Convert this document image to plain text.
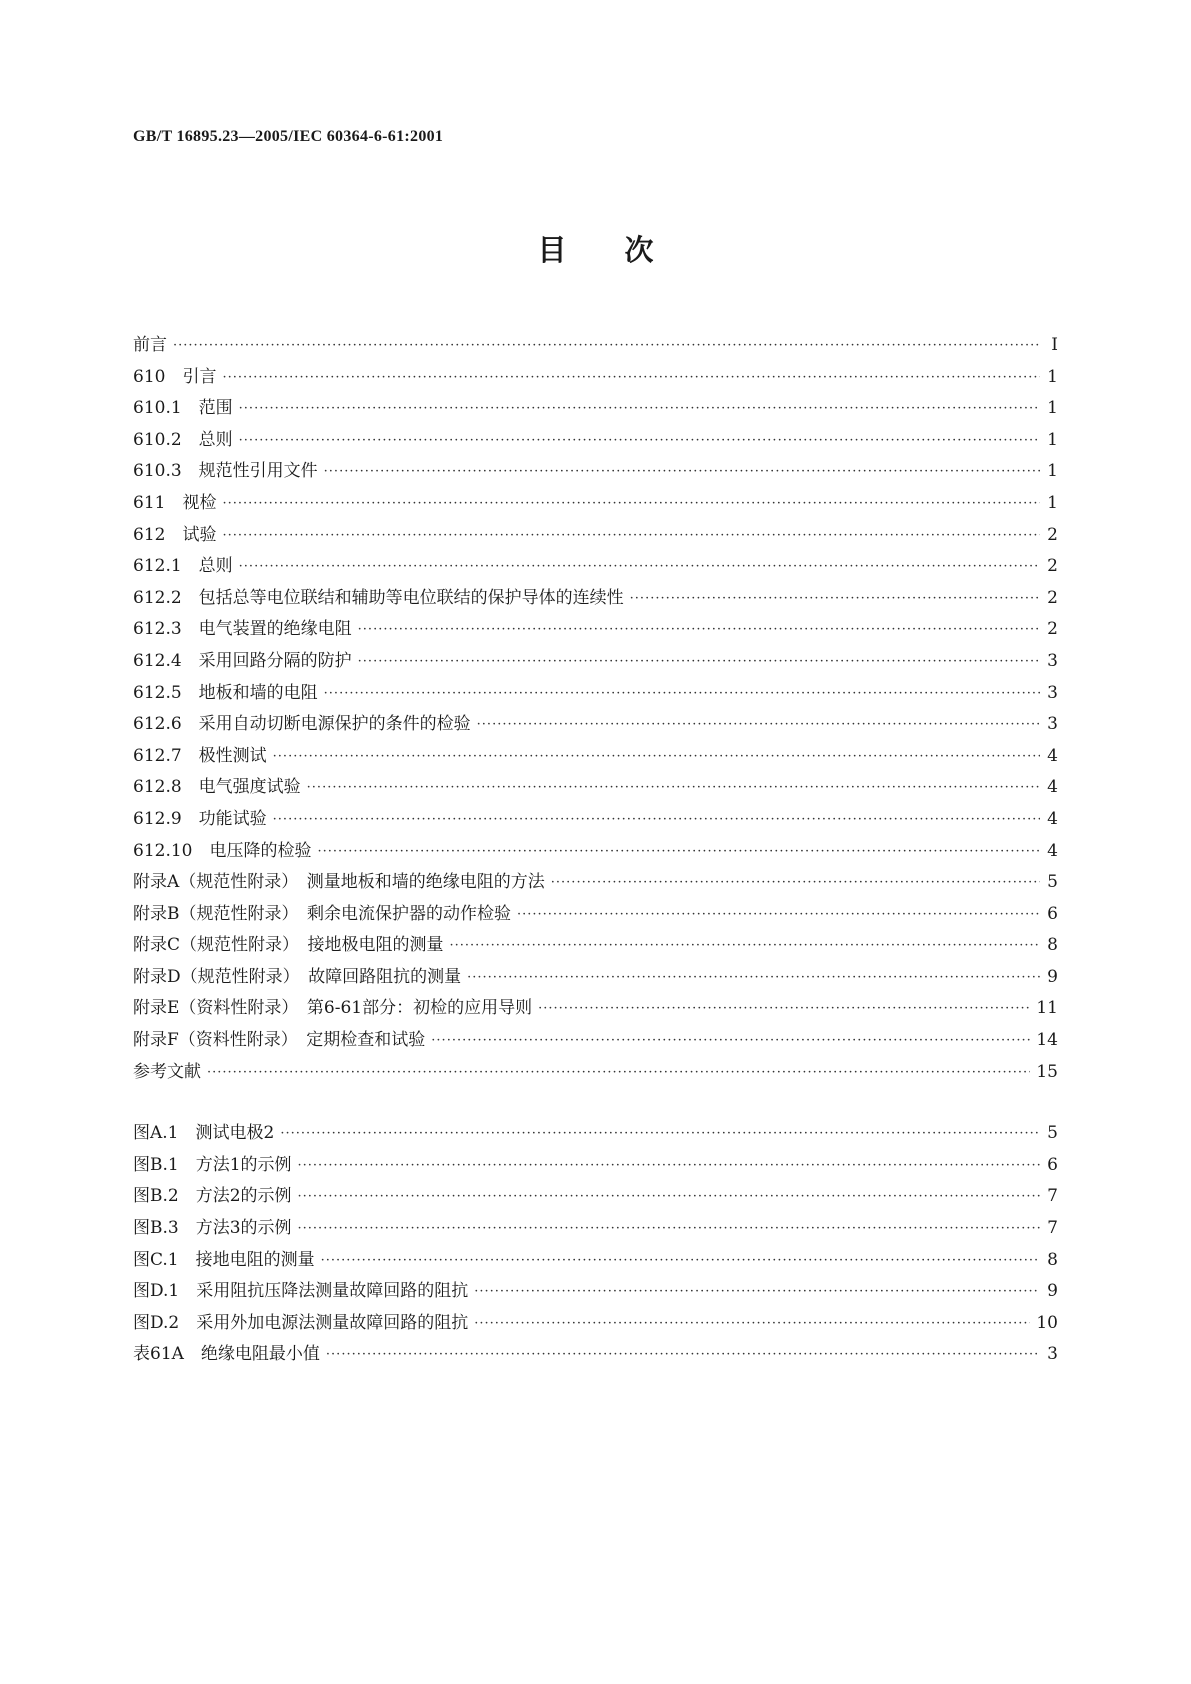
GB/T 16895.23—2005/IEC 60364-6-61:2001
目次
前言 ·····	Ⅰ
610　引言 ·····	1
610.1　范围 ·····	1
610.2　总则 ·····	1
610.3　规范性引用文件 ·····	1
611　视检 ·····	1
612　试验 ·····	2
612.1　总则 ·····	2
612.2　包括总等电位联结和辅助等电位联结的保护导体的连续性 ·····	2
612.3　电气装置的绝缘电阻 ·····	2
612.4　采用回路分隔的防护 ·····	3
612.5　地板和墙的电阻 ·····	3
612.6　采用自动切断电源保护的条件的检验 ·····	3
612.7　极性测试 ·····	4
612.8　电气强度试验 ·····	4
612.9　功能试验 ·····	4
612.10　电压降的检验 ·····	4
附录A（规范性附录）　测量地板和墙的绝缘电阻的方法 ·····	5
附录B（规范性附录）　剩余电流保护器的动作检验 ·····	6
附录C（规范性附录）　接地极电阻的测量 ·····	8
附录D（规范性附录）　故障回路阻抗的测量 ·····	9
附录E（资料性附录）　第6-61部分：初检的应用导则 ·····	11
附录F（资料性附录）　定期检查和试验 ·····	14
参考文献 ·····	15
图A.1　测试电极2 ·····	5
图B.1　方法1的示例 ·····	6
图B.2　方法2的示例 ·····	7
图B.3　方法3的示例 ·····	7
图C.1　接地电阻的测量 ·····	8
图D.1　采用阻抗压降法测量故障回路的阻抗 ·····	9
图D.2　采用外加电源法测量故障回路的阻抗 ·····	10
表61A　绝缘电阻最小值 ·····	3
